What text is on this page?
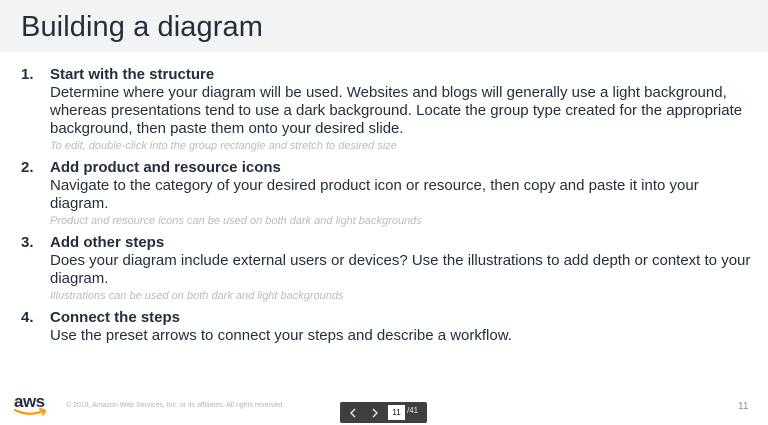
Building a diagram
1. Start with the structure
Determine where your diagram will be used. Websites and blogs will generally use a light background, whereas presentations tend to use a dark background. Locate the group type created for the appropriate background, then paste them onto your desired slide.
To edit, double-click into the group rectangle and stretch to desired size
2. Add product and resource icons
Navigate to the category of your desired product icon or resource, then copy and paste it into your diagram.
Product and resource icons can be used on both dark and light backgrounds
3. Add other steps
Does your diagram include external users or devices? Use the illustrations to add depth or context to your diagram.
Illustrations can be used on both dark and light backgrounds
4. Connect the steps
Use the preset arrows to connect your steps and describe a workflow.
aws	© 2018, Amazon Web Services, Inc. or its affiliates. All rights reserved.
11
/41	11
